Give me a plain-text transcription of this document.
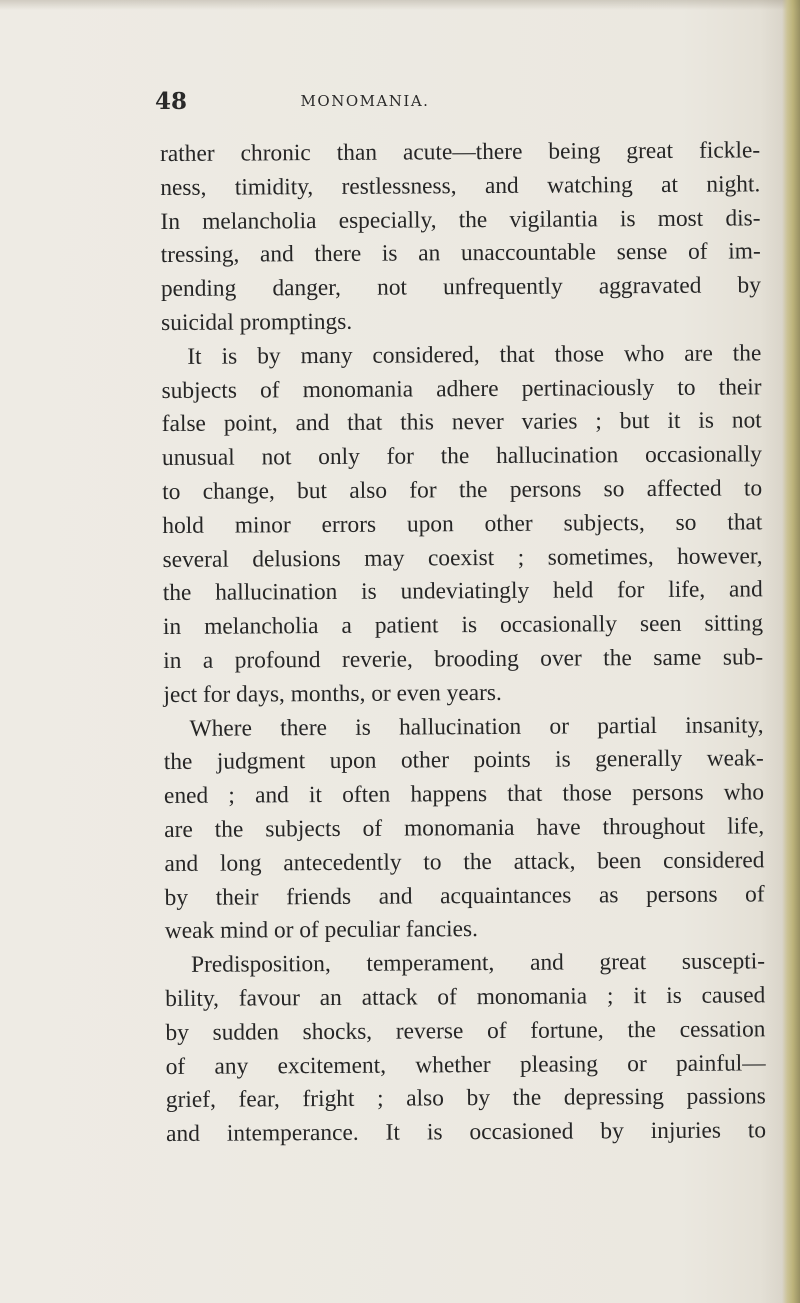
48	MONOMANIA.
rather chronic than acute—there being great fickle-
ness, timidity, restlessness, and watching at night.
In melancholia especially, the vigilantia is most dis-
tressing, and there is an unaccountable sense of im-
pending danger, not unfrequently aggravated by
suicidal promptings.
It is by many considered, that those who are the
subjects of monomania adhere pertinaciously to their
false point, and that this never varies ; but it is not
unusual not only for the hallucination occasionally
to change, but also for the persons so affected to
hold minor errors upon other subjects, so that
several delusions may coexist ; sometimes, however,
the hallucination is undeviatingly held for life, and
in melancholia a patient is occasionally seen sitting
in a profound reverie, brooding over the same sub-
ject for days, months, or even years.
Where there is hallucination or partial insanity,
the judgment upon other points is generally weak-
ened ; and it often happens that those persons who
are the subjects of monomania have throughout life,
and long antecedently to the attack, been considered
by their friends and acquaintances as persons of
weak mind or of peculiar fancies.
Predisposition, temperament, and great suscepti-
bility, favour an attack of monomania ; it is caused
by sudden shocks, reverse of fortune, the cessation
of any excitement, whether pleasing or painful—
grief, fear, fright ; also by the depressing passions
and intemperance. It is occasioned by injuries to
